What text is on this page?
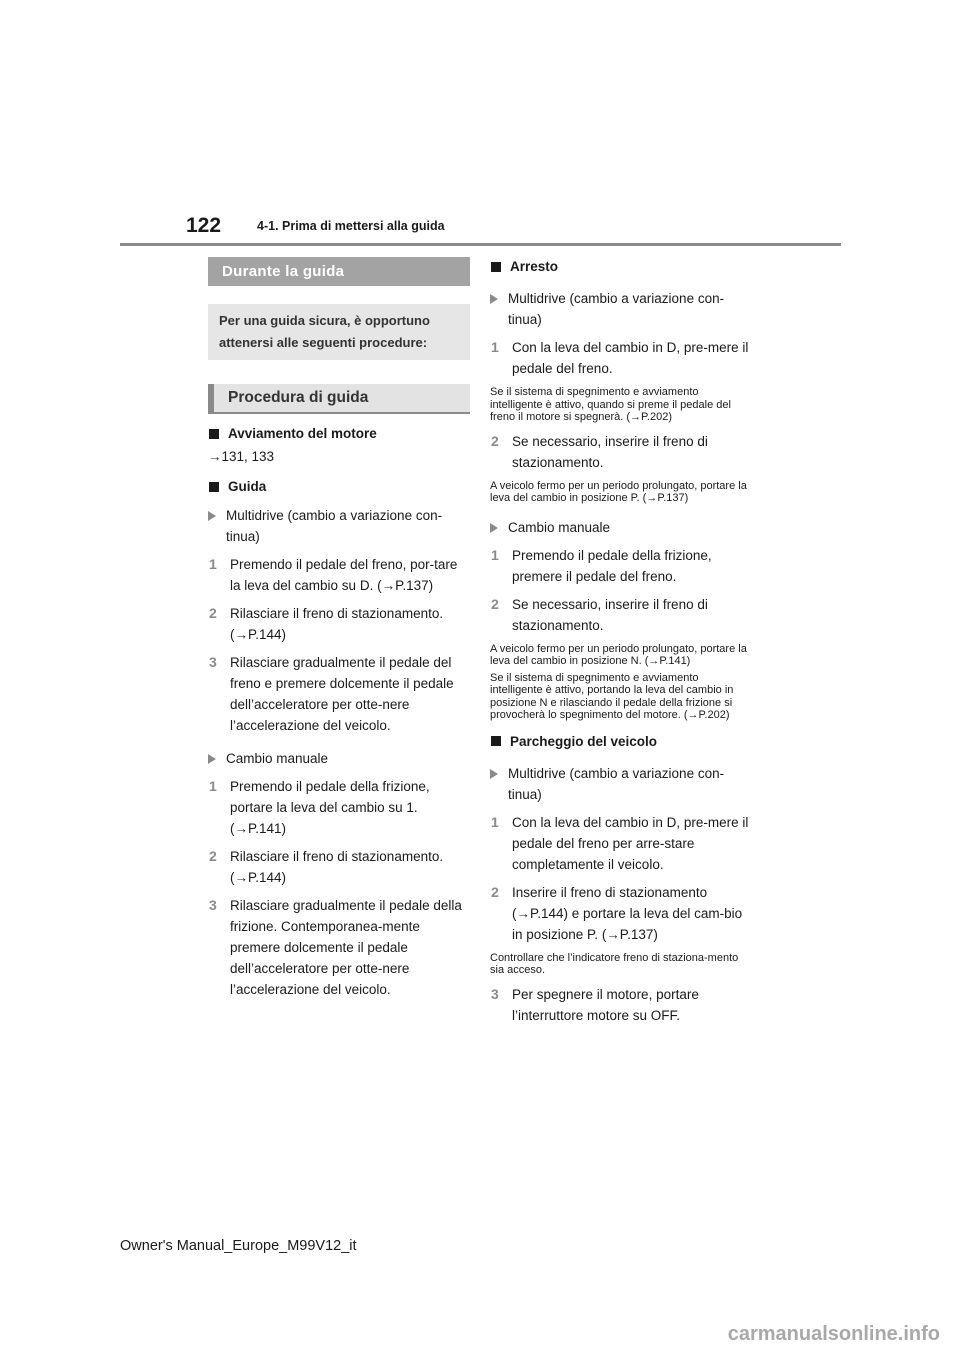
122	4-1. Prima di mettersi alla guida
Durante la guida
Per una guida sicura, è opportuno attenersi alle seguenti procedure:
Procedura di guida
Avviamento del motore
→131, 133
Guida
Multidrive (cambio a variazione con-tinua)
1 Premendo il pedale del freno, por-tare la leva del cambio su D. (→P.137)
2 Rilasciare il freno di stazionamento. (→P.144)
3 Rilasciare gradualmente il pedale del freno e premere dolcemente il pedale dell’acceleratore per otte-nere l’accelerazione del veicolo.
Cambio manuale
1 Premendo il pedale della frizione, portare la leva del cambio su 1. (→P.141)
2 Rilasciare il freno di stazionamento. (→P.144)
3 Rilasciare gradualmente il pedale della frizione. Contemporanea-mente premere dolcemente il pedale dell’acceleratore per otte-nere l’accelerazione del veicolo.
Arresto
Multidrive (cambio a variazione con-tinua)
1 Con la leva del cambio in D, pre-mere il pedale del freno.
Se il sistema di spegnimento e avviamento intelligente è attivo, quando si preme il pedale del freno il motore si spegnerà. (→P.202)
2 Se necessario, inserire il freno di stazionamento.
A veicolo fermo per un periodo prolungato, portare la leva del cambio in posizione P. (→P.137)
Cambio manuale
1 Premendo il pedale della frizione, premere il pedale del freno.
2 Se necessario, inserire il freno di stazionamento.
A veicolo fermo per un periodo prolungato, portare la leva del cambio in posizione N. (→P.141)
Se il sistema di spegnimento e avviamento intelligente è attivo, portando la leva del cambio in posizione N e rilasciando il pedale della frizione si provocherà lo spegnimento del motore. (→P.202)
Parcheggio del veicolo
Multidrive (cambio a variazione con-tinua)
1 Con la leva del cambio in D, pre-mere il pedale del freno per arre-stare completamente il veicolo.
2 Inserire il freno di stazionamento (→P.144) e portare la leva del cam-bio in posizione P. (→P.137)
Controllare che l’indicatore freno di staziona-mento sia acceso.
3 Per spegnere il motore, portare l’interruttore motore su OFF.
Owner's Manual_Europe_M99V12_it
carmanualsonline.info
